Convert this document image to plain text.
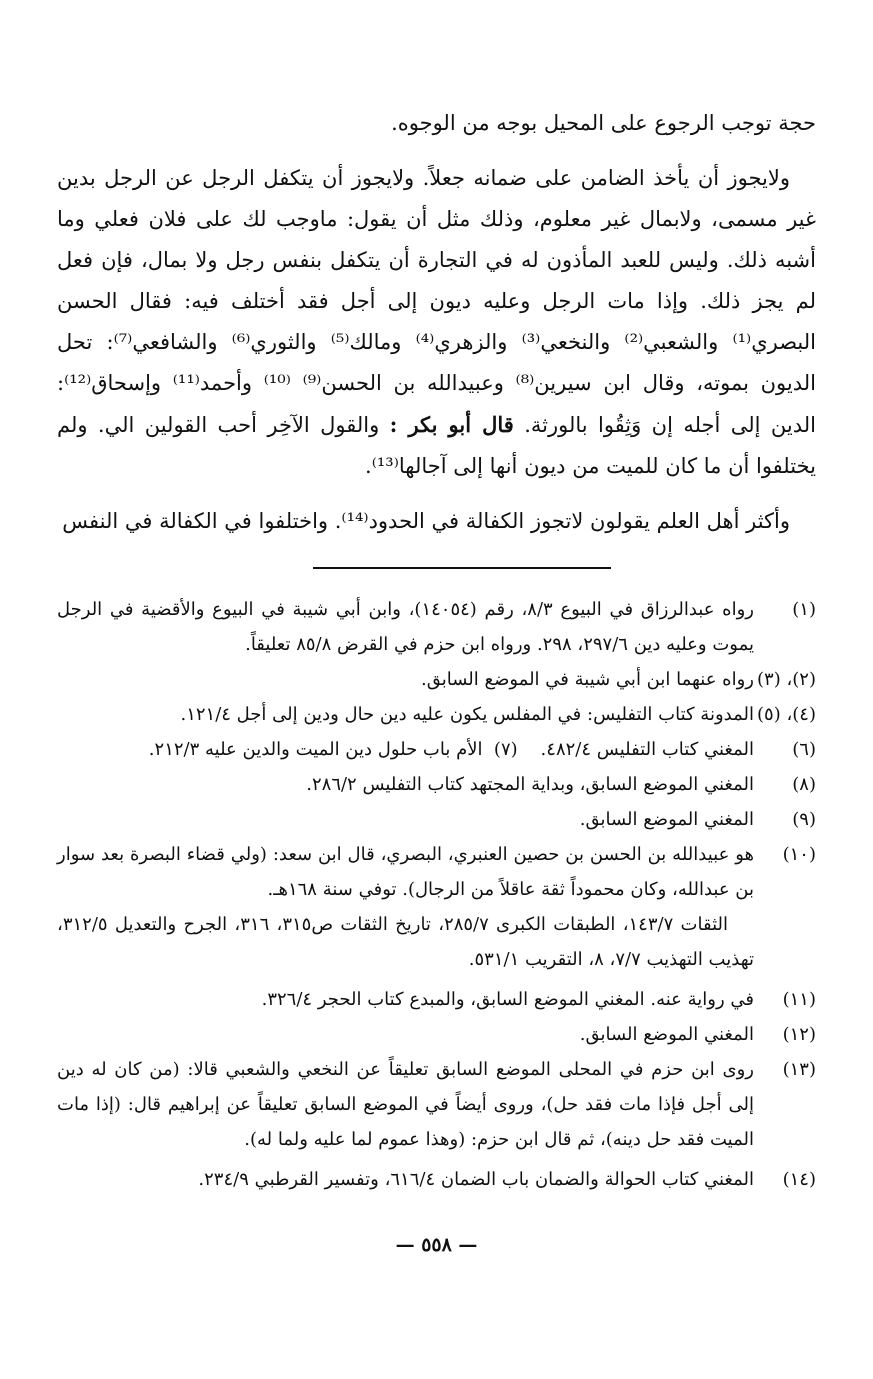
حجة توجب الرجوع على المحيل بوجه من الوجوه.

ولايجوز أن يأخذ الضامن على ضمانه جعلاً. ولايجوز أن يتكفل الرجل عن الرجل بدين غير مسمى، ولابمال غير معلوم، وذلك مثل أن يقول: ماوجب لك على فلان فعلي وما أشبه ذلك. وليس للعبد المأذون له في التجارة أن يتكفل بنفس رجل ولا بمال، فإن فعل لم يجز ذلك. وإذا مات الرجل وعليه ديون إلى أجل فقد أختلف فيه: فقال الحسن البصري⁽¹⁾ والشعبي⁽²⁾ والنخعي⁽³⁾ والزهري⁽⁴⁾ ومالك⁽⁵⁾ والثوري⁽⁶⁾ والشافعي⁽⁷⁾: تحل الديون بموته، وقال ابن سيرين⁽⁸⁾ وعبيدالله بن الحسن⁽⁹⁾ ⁽¹⁰⁾ وأحمد⁽¹¹⁾ وإسحاق⁽¹²⁾: الدين إلى أجله إن وَثِقُوا بالورثة. قال أبو بكر : والقول الآخِر أحب القولين الي. ولم يختلفوا أن ما كان للميت من ديون أنها إلى آجالها⁽¹³⁾.

وأكثر أهل العلم يقولون لاتجوز الكفالة في الحدود⁽¹⁴⁾. واختلفوا في الكفالة في النفس

(١)
رواه عبدالرزاق في البيوع ٨/٣، رقم (١٤٠٥٤)، وابن أبي شيبة في البيوع والأقضية في الرجل يموت وعليه دين ٢٩٧/٦، ٢٩٨. ورواه ابن حزم في القرض ٨٥/٨ تعليقاً.
(٢)، (٣)
رواه عنهما ابن أبي شيبة في الموضع السابق.
(٤)، (٥)
المدونة كتاب التفليس: في المفلس يكون عليه دين حال ودين إلى أجل ١٢١/٤.
(٦)
المغني كتاب التفليس ٤٨٢/٤.    (٧)  الأم باب حلول دين الميت والدين عليه ٢١٢/٣.
(٨)
المغني الموضع السابق، وبداية المجتهد كتاب التفليس ٢٨٦/٢.
(٩)
المغني الموضع السابق.
(١٠)
هو عبيدالله بن الحسن بن حصين العنبري، البصري، قال ابن سعد: (ولي قضاء البصرة بعد سوار بن عبدالله، وكان محموداً ثقة عاقلاً من الرجال). توفي سنة ١٦٨هـ.

الثقات ١٤٣/٧، الطبقات الكبرى ٢٨٥/٧، تاريخ الثقات ص٣١٥، ٣١٦، الجرح والتعديل ٣١٢/٥، تهذيب التهذيب ٧/٧، ٨، التقريب ٥٣١/١.

(١١)
في رواية عنه. المغني الموضع السابق، والمبدع كتاب الحجر ٣٢٦/٤.
(١٢)
المغني الموضع السابق.
(١٣)
روى ابن حزم في المحلى الموضع السابق تعليقاً عن النخعي والشعبي قالا: (من كان له دين إلى أجل فإذا مات فقد حل)، وروى أيضاً في الموضع السابق تعليقاً عن إبراهيم قال: (إذا مات الميت فقد حل دينه)، ثم قال ابن حزم: (وهذا عموم لما عليه ولما له).
(١٤)
المغني كتاب الحوالة والضمان باب الضمان ٦١٦/٤، وتفسير القرطبي ٢٣٤/٩.
— ٥٥٨ —
